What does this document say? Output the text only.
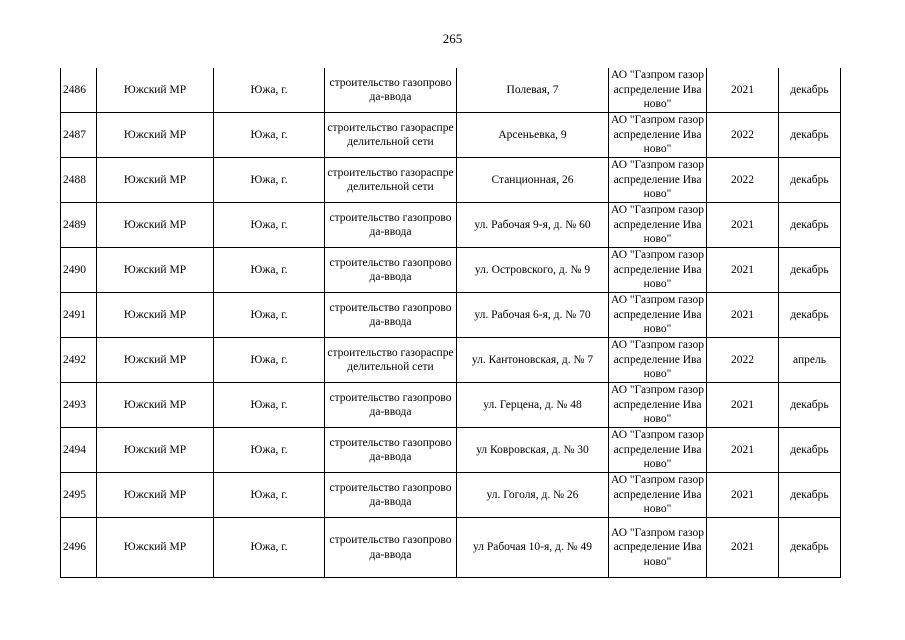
265
2486	Южский МР	Южа, г.	строительство газопровода-ввода	Полевая, 7	АО "Газпром газораспределение Иваново"	2021	декабрь
2487	Южский МР	Южа, г.	строительство газораспределительной сети	Арсеньевка, 9	АО "Газпром газораспределение Иваново"	2022	декабрь
2488	Южский МР	Южа, г.	строительство газораспределительной сети	Станционная, 26	АО "Газпром газораспределение Иваново"	2022	декабрь
2489	Южский МР	Южа, г.	строительство газопровода-ввода	ул. Рабочая 9-я, д. № 60	АО "Газпром газораспределение Иваново"	2021	декабрь
2490	Южский МР	Южа, г.	строительство газопровода-ввода	ул. Островского, д. № 9	АО "Газпром газораспределение Иваново"	2021	декабрь
2491	Южский МР	Южа, г.	строительство газопровода-ввода	ул. Рабочая 6-я, д. № 70	АО "Газпром газораспределение Иваново"	2021	декабрь
2492	Южский МР	Южа, г.	строительство газораспределительной сети	ул. Кантоновская, д. № 7	АО "Газпром газораспределение Иваново"	2022	апрель
2493	Южский МР	Южа, г.	строительство газопровода-ввода	ул. Герцена, д. № 48	АО "Газпром газораспределение Иваново"	2021	декабрь
2494	Южский МР	Южа, г.	строительство газопровода-ввода	ул Ковровская, д. № 30	АО "Газпром газораспределение Иваново"	2021	декабрь
2495	Южский МР	Южа, г.	строительство газопровода-ввода	ул. Гоголя, д. № 26	АО "Газпром газораспределение Иваново"	2021	декабрь
2496	Южский МР	Южа, г.	строительство газопровода-ввода	ул Рабочая 10-я, д. № 49	АО "Газпром газораспределение Иваново"	2021	декабрь
